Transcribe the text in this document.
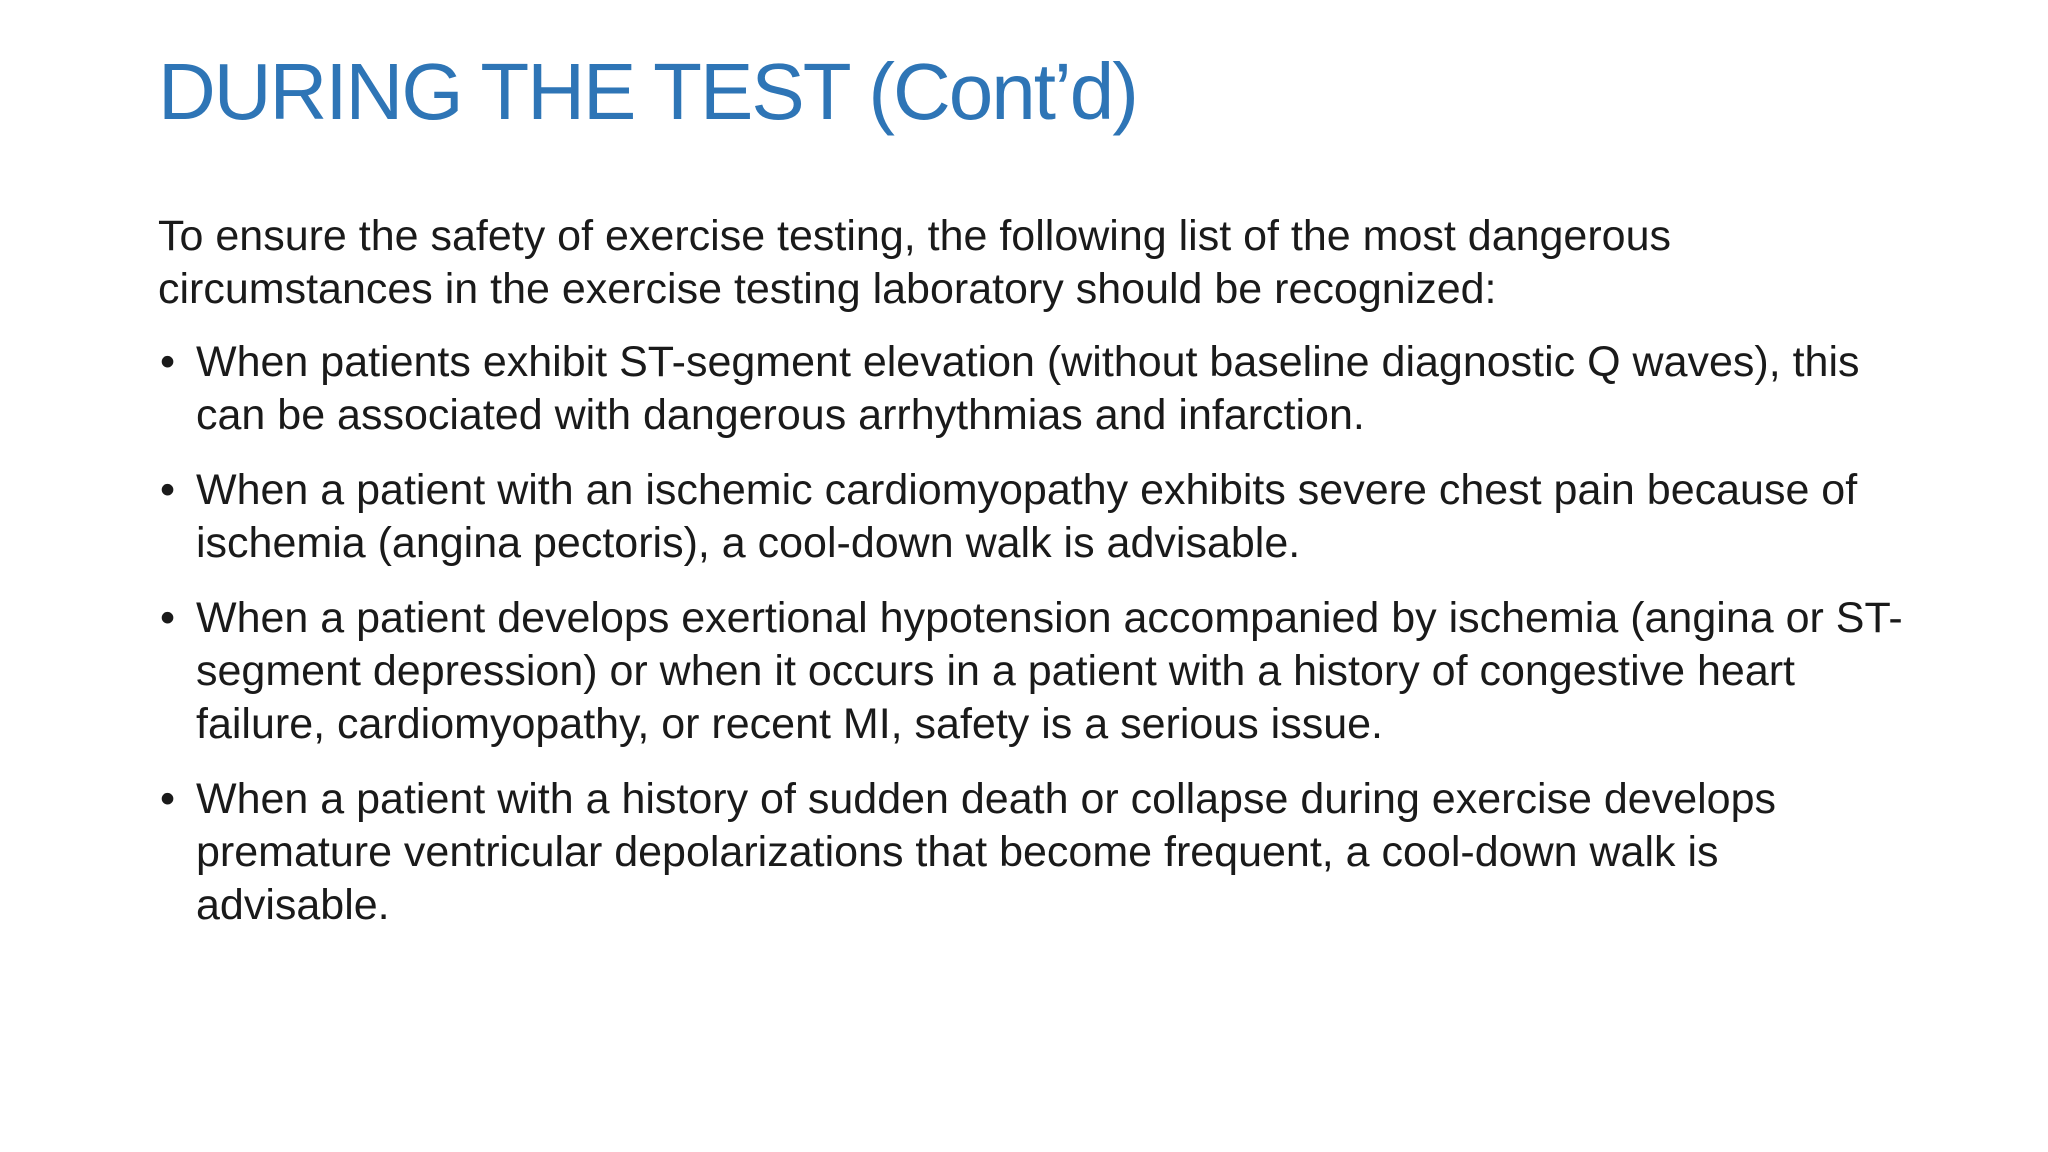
DURING THE TEST (Cont’d)

To ensure the safety of exercise testing, the following list of the most dangerous circumstances in the exercise testing laboratory should be recognized:

• When patients exhibit ST-segment elevation (without baseline diagnostic Q waves), this can be associated with dangerous arrhythmias and infarction.
• When a patient with an ischemic cardiomyopathy exhibits severe chest pain because of ischemia (angina pectoris), a cool-down walk is advisable.
• When a patient develops exertional hypotension accompanied by ischemia (angina or ST-segment depression) or when it occurs in a patient with a history of congestive heart failure, cardiomyopathy, or recent MI, safety is a serious issue.
• When a patient with a history of sudden death or collapse during exercise develops premature ventricular depolarizations that become frequent, a cool-down walk is advisable.
